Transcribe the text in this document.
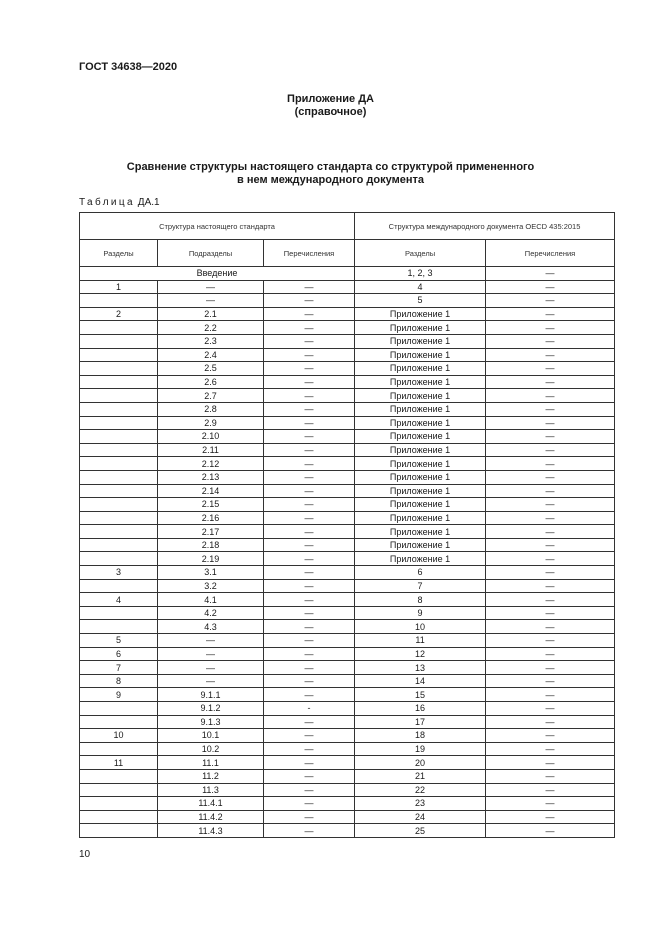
ГОСТ 34638—2020
Приложение ДА
(справочное)
Сравнение структуры настоящего стандарта со структурой примененного
в нем международного документа
Таблица ДА.1
Структура настоящего стандарта			Структура международного документа OECD 435:2015	
Разделы	Подразделы	Перечисления	Разделы	Перечисления
Введение			1, 2, 3	—
1	—	—	4	—
	—	—	5	—
2	2.1	—	Приложение 1	—
	2.2	—	Приложение 1	—
	2.3	—	Приложение 1	—
	2.4	—	Приложение 1	—
	2.5	—	Приложение 1	—
	2.6	—	Приложение 1	—
	2.7	—	Приложение 1	—
	2.8	—	Приложение 1	—
	2.9	—	Приложение 1	—
	2.10	—	Приложение 1	—
	2.11	—	Приложение 1	—
	2.12	—	Приложение 1	—
	2.13	—	Приложение 1	—
	2.14	—	Приложение 1	—
	2.15	—	Приложение 1	—
	2.16	—	Приложение 1	—
	2.17	—	Приложение 1	—
	2.18	—	Приложение 1	—
	2.19	—	Приложение 1	—
3	3.1	—	6	—
	3.2	—	7	—
4	4.1	—	8	—
	4.2	—	9	—
	4.3	—	10	—
5	—	—	11	—
6	—	—	12	—
7	—	—	13	—
8	—	—	14	—
9	9.1.1	—	15	—
	9.1.2	-	16	—
	9.1.3	—	17	—
10	10.1	—	18	—
	10.2	—	19	—
11	11.1	—	20	—
	11.2	—	21	—
	11.3	—	22	—
	11.4.1	—	23	—
	11.4.2	—	24	—
	11.4.3	—	25	—
10
